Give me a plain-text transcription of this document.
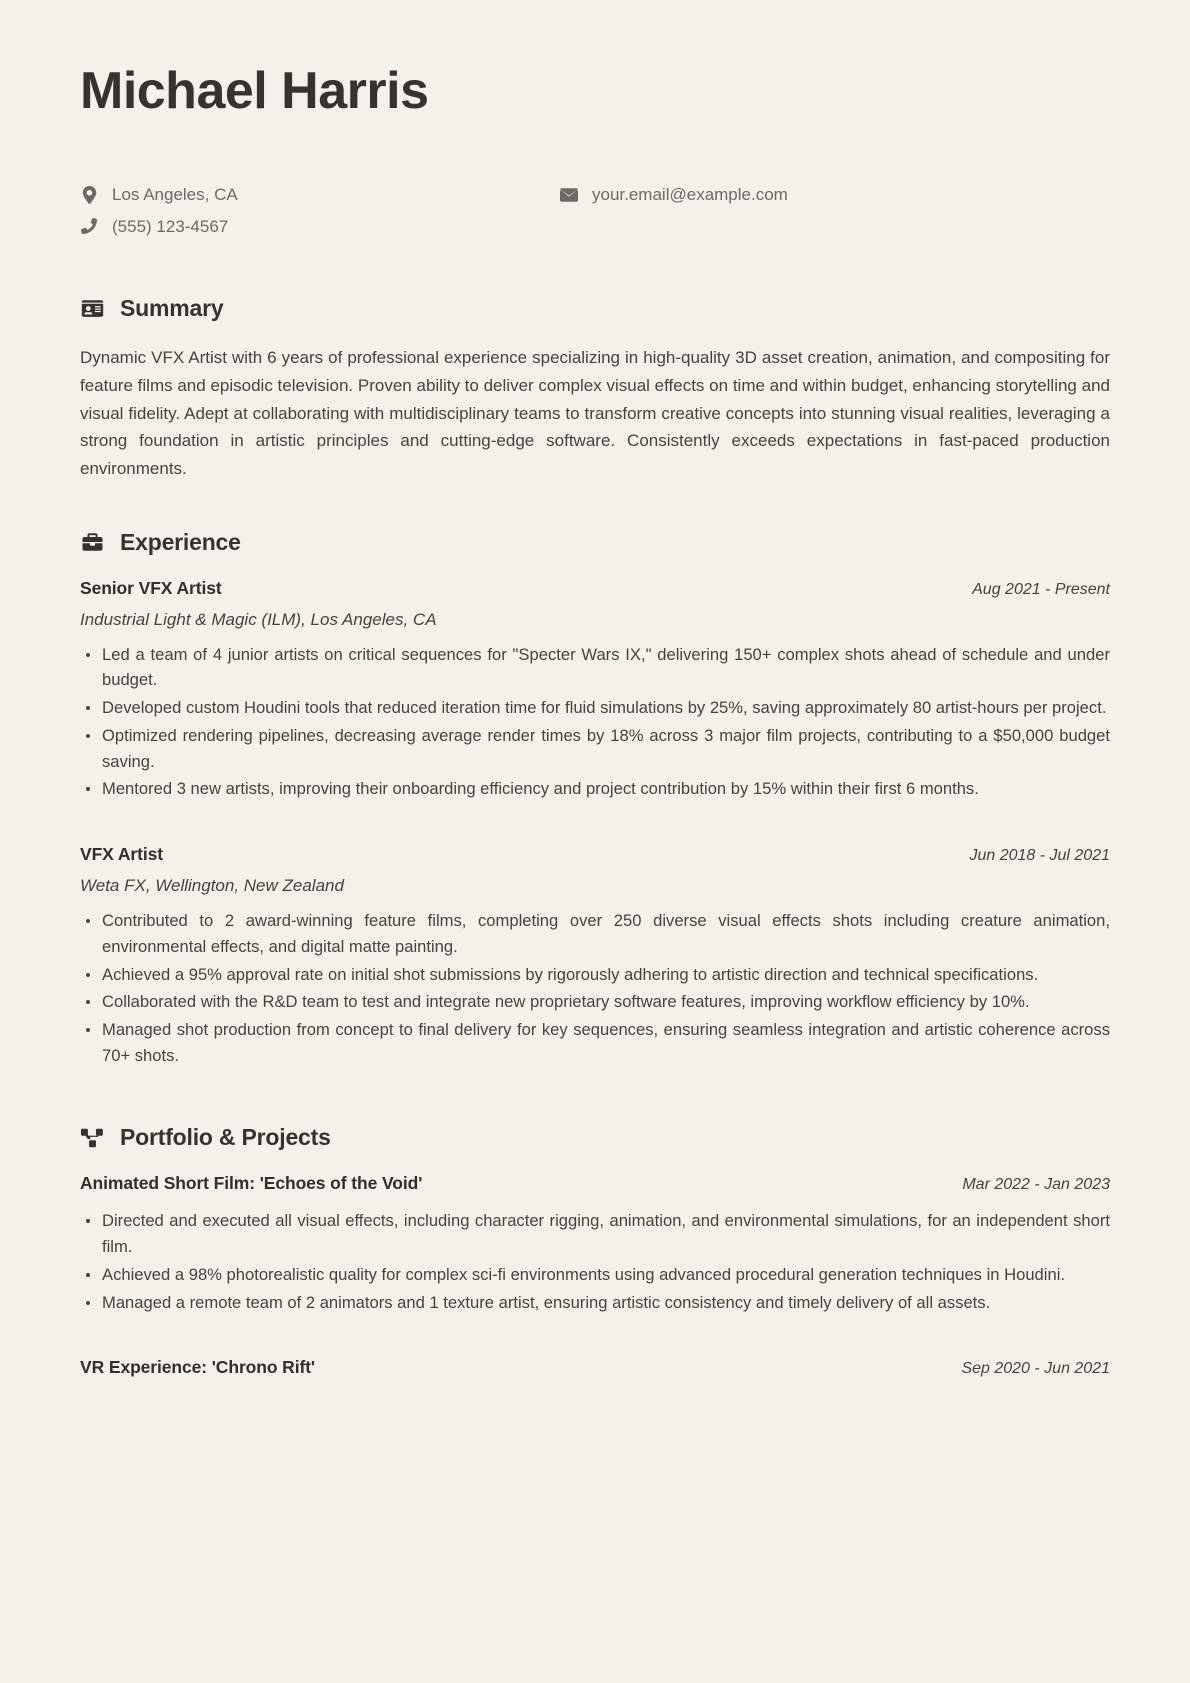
Michael Harris
Los Angeles, CA
(555) 123-4567
your.email@example.com
Summary

Dynamic VFX Artist with 6 years of professional experience specializing in high-quality 3D asset creation, animation, and compositing for feature films and episodic television. Proven ability to deliver complex visual effects on time and within budget, enhancing storytelling and visual fidelity. Adept at collaborating with multidisciplinary teams to transform creative concepts into stunning visual realities, leveraging a strong foundation in artistic principles and cutting-edge software. Consistently exceeds expectations in fast-paced production environments.

Experience
Senior VFX Artist	Aug 2021 - Present
Industrial Light & Magic (ILM), Los Angeles, CA
Led a team of 4 junior artists on critical sequences for "Specter Wars IX," delivering 150+ complex shots ahead of schedule and under budget.
Developed custom Houdini tools that reduced iteration time for fluid simulations by 25%, saving approximately 80 artist-hours per project.
Optimized rendering pipelines, decreasing average render times by 18% across 3 major film projects, contributing to a $50,000 budget saving.
Mentored 3 new artists, improving their onboarding efficiency and project contribution by 15% within their first 6 months.
VFX Artist	Jun 2018 - Jul 2021
Weta FX, Wellington, New Zealand
Contributed to 2 award-winning feature films, completing over 250 diverse visual effects shots including creature animation, environmental effects, and digital matte painting.
Achieved a 95% approval rate on initial shot submissions by rigorously adhering to artistic direction and technical specifications.
Collaborated with the R&D team to test and integrate new proprietary software features, improving workflow efficiency by 10%.
Managed shot production from concept to final delivery for key sequences, ensuring seamless integration and artistic coherence across 70+ shots.
Portfolio & Projects
Animated Short Film: 'Echoes of the Void'	Mar 2022 - Jan 2023
Directed and executed all visual effects, including character rigging, animation, and environmental simulations, for an independent short film.
Achieved a 98% photorealistic quality for complex sci-fi environments using advanced procedural generation techniques in Houdini.
Managed a remote team of 2 animators and 1 texture artist, ensuring artistic consistency and timely delivery of all assets.
VR Experience: 'Chrono Rift'	Sep 2020 - Jun 2021
